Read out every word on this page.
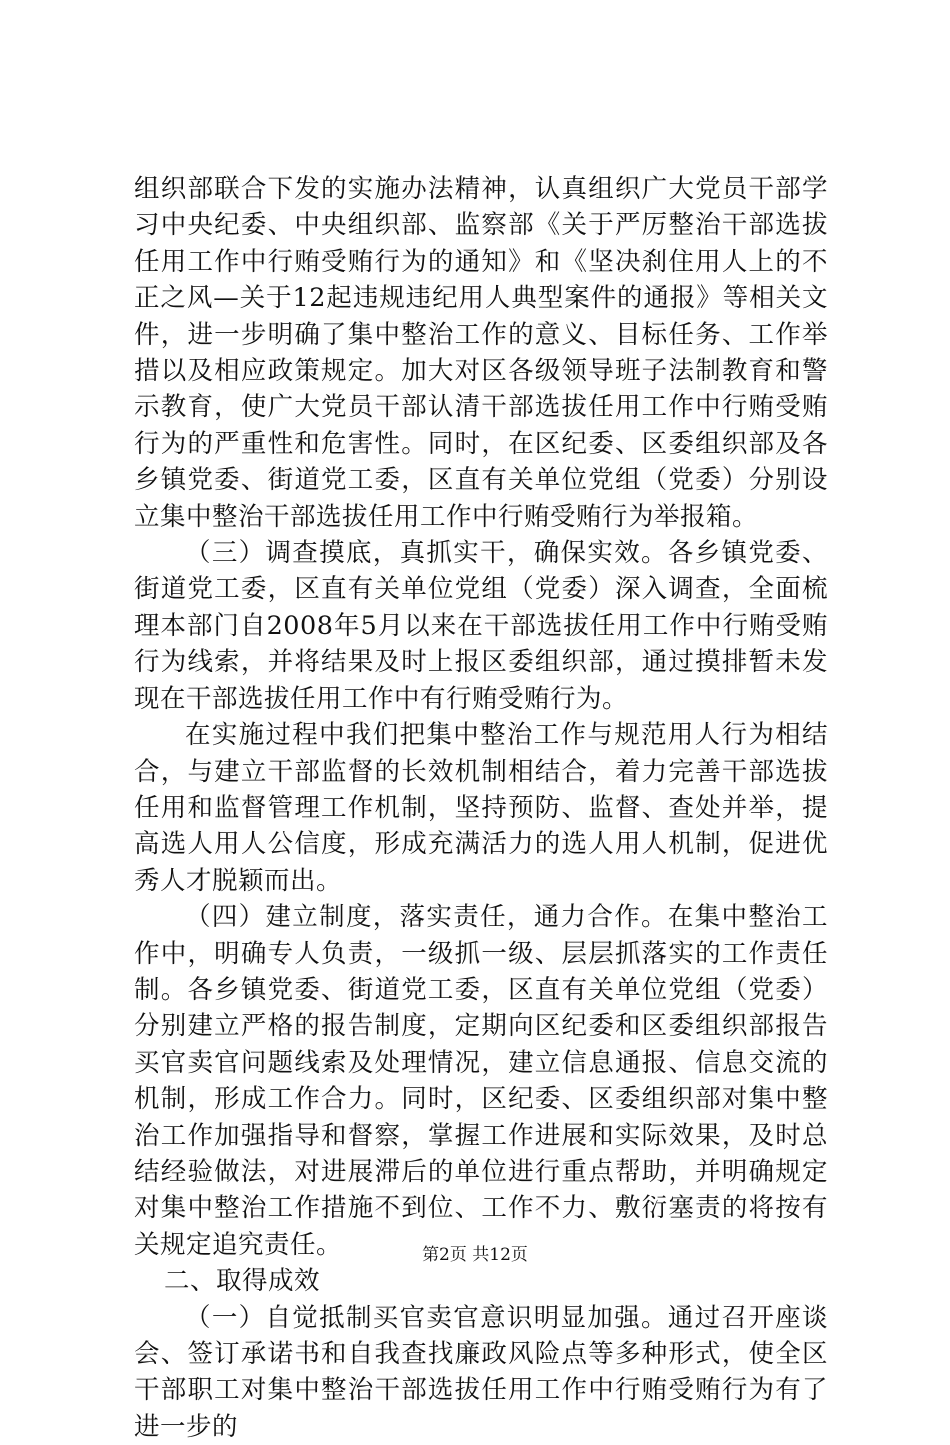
组织部联合下发的实施办法精神，认真组织广大党员干部学习中央纪委、中央组织部、监察部《关于严厉整治干部选拔任用工作中行贿受贿行为的通知》和《坚决刹住用人上的不正之风—关于12起违规违纪用人典型案件的通报》等相关文件，进一步明确了集中整治工作的意义、目标任务、工作举措以及相应政策规定。加大对区各级领导班子法制教育和警示教育，使广大党员干部认清干部选拔任用工作中行贿受贿行为的严重性和危害性。同时，在区纪委、区委组织部及各乡镇党委、街道党工委，区直有关单位党组（党委）分别设立集中整治干部选拔任用工作中行贿受贿行为举报箱。

（三）调查摸底，真抓实干，确保实效。各乡镇党委、街道党工委，区直有关单位党组（党委）深入调查，全面梳理本部门自2008年5月以来在干部选拔任用工作中行贿受贿行为线索，并将结果及时上报区委组织部，通过摸排暂未发现在干部选拔任用工作中有行贿受贿行为。

在实施过程中我们把集中整治工作与规范用人行为相结合，与建立干部监督的长效机制相结合，着力完善干部选拔任用和监督管理工作机制，坚持预防、监督、查处并举，提高选人用人公信度，形成充满活力的选人用人机制，促进优秀人才脱颖而出。

（四）建立制度，落实责任，通力合作。在集中整治工作中，明确专人负责，一级抓一级、层层抓落实的工作责任制。各乡镇党委、街道党工委，区直有关单位党组（党委）分别建立严格的报告制度，定期向区纪委和区委组织部报告买官卖官问题线索及处理情况，建立信息通报、信息交流的机制，形成工作合力。同时，区纪委、区委组织部对集中整治工作加强指导和督察，掌握工作进展和实际效果，及时总结经验做法，对进展滞后的单位进行重点帮助，并明确规定对集中整治工作措施不到位、工作不力、敷衍塞责的将按有关规定追究责任。

二、取得成效

（一）自觉抵制买官卖官意识明显加强。通过召开座谈会、签订承诺书和自我查找廉政风险点等多种形式，使全区干部职工对集中整治干部选拔任用工作中行贿受贿行为有了进一步的

第2页 共12页
